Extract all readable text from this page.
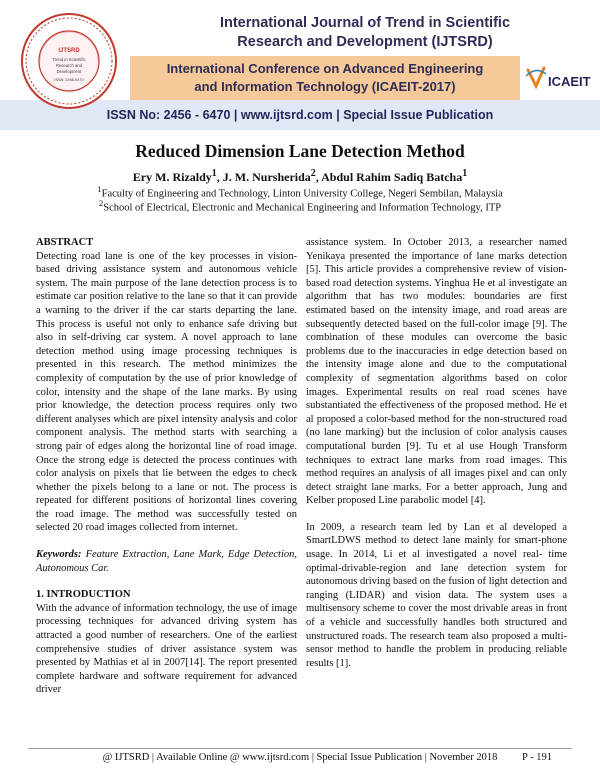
International Journal of Trend in Scientific
Research and Development (IJTSRD)
International Conference on Advanced Engineering
and Information Technology (ICAEIT-2017)
ISSN No: 2456 - 6470 | www.ijtsrd.com | Special Issue Publication
IJTSRD
Trend in Scientific
Research and
Development
ISSN: 2456-6470	ICAEIT
Reduced Dimension Lane Detection Method
Ery M. Rizaldy$^1$, J. M. Nursherida$^2$, Abdul Rahim Sadiq Batcha$^1$
$^1$Faculty of Engineering and Technology, Linton University College, Negeri Sembilan, Malaysia
$^2$School of Electrical, Electronic and Mechanical Engineering and Information Technology, ITP
ABSTRACT

Detecting road lane is one of the key processes in vision-based driving assistance system and autonomous vehicle system. The main purpose of the lane detection process is to estimate car position relative to the lane so that it can provide a warning to the driver if the car starts departing the lane. This process is useful not only to enhance safe driving but also in self-driving car system. A novel approach to lane detection method using image processing techniques is presented in this research. The method minimizes the complexity of computation by the use of prior knowledge of color, intensity and the shape of the lane marks. By using prior knowledge, the detection process requires only two different analyses which are pixel intensity analysis and color component analysis. The method starts with searching a strong pair of edges along the horizontal line of road image. Once the strong edge is detected the process continues with color analysis on pixels that lie between the edges to check whether the pixels belong to a lane or not. The process is repeated for different positions of horizontal lines covering the road image. The method was successfully tested on selected 20 road images collected from internet.

Keywords: Feature Extraction, Lane Mark, Edge Detection, Autonomous Car.

1. INTRODUCTION

With the advance of information technology, the use of image processing techniques for advanced driving system has attracted a good number of researchers. One of the earliest comprehensive studies of driver assistance system was presented by Mathias et al in 2007[14]. The report presented complete hardware and software requirement for advanced driver

assistance system. In October 2013, a researcher named Yenikaya presented the importance of lane marks detection [5]. This article provides a comprehensive review of vision-based road detection systems. Yinghua He et al investigate an algorithm that has two modules: boundaries are first estimated based on the intensity image, and road areas are subsequently detected based on the full-color image [9]. The combination of these modules can overcome the basic problems due to the inaccuracies in edge detection based on the intensity image alone and due to the computational complexity of segmentation algorithms based on color images. Experimental results on real road scenes have substantiated the effectiveness of the proposed method. He et al proposed a color-based method for the non-structured road (no lane marking) but the inclusion of color analysis causes computational burden [9]. Tu et al use Hough Transform techniques to extract lane marks from road images. This method requires an analysis of all images pixel and can only detect straight lane marks. For a better approach, Jung and Kelber proposed Line parabolic model [4].

In 2009, a research team led by Lan et al developed a SmartLDWS method to detect lane mainly for smart-phone usage. In 2014, Li et al investigated a novel real- time optimal-drivable-region and lane detection system for autonomous driving based on the fusion of light detection and ranging (LIDAR) and vision data. The system uses a multisensory scheme to cover the most drivable areas in front of a vehicle and successfully handles both structured and unstructured roads. The research team also proposed a multi-sensor method to handle the problem in producing reliable results [1].

@ IJTSRD | Available Online @ www.ijtsrd.com | Special Issue Publication | November 2018	P - 191
